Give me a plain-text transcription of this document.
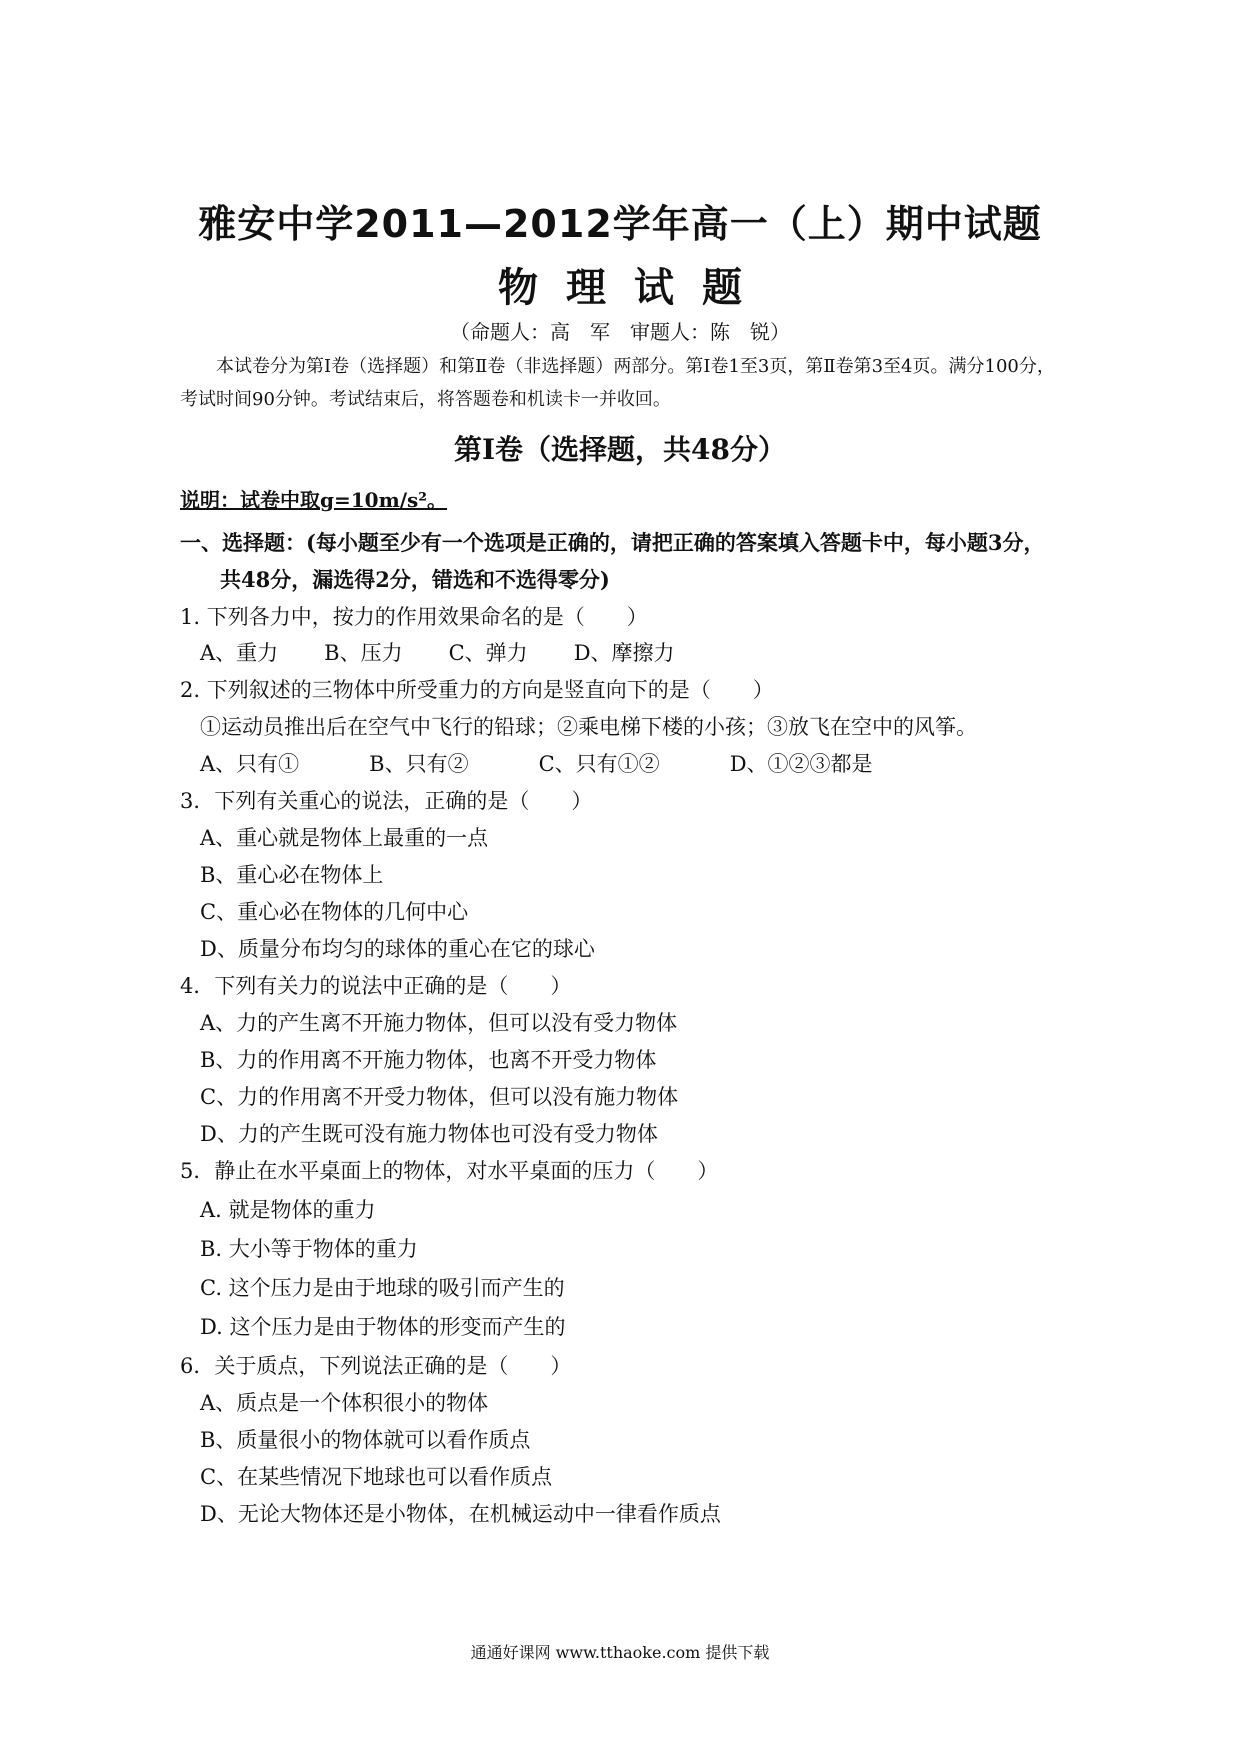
雅安中学2011—2012学年高一（上）期中试题
物理试题
（命题人：高　军　审题人：陈　锐）
本试卷分为第Ⅰ卷（选择题）和第Ⅱ卷（非选择题）两部分。第Ⅰ卷1至3页，第Ⅱ卷第3至4页。满分100分，考试时间90分钟。考试结束后，将答题卷和机读卡一并收回。
第Ⅰ卷（选择题，共48分）
说明：试卷中取g=10m/s²。
一、选择题：(每小题至少有一个选项是正确的，请把正确的答案填入答题卡中，每小题3分，
共48分，漏选得2分，错选和不选得零分)
1. 下列各力中，按力的作用效果命名的是（　　）
A、重力 B、压力 C、弹力 D、摩擦力
2. 下列叙述的三物体中所受重力的方向是竖直向下的是（　　）
①运动员推出后在空气中飞行的铅球；②乘电梯下楼的小孩；③放飞在空中的风筝。
A、只有①	B、只有②	C、只有①②	D、①②③都是
3．下列有关重心的说法，正确的是（　　）
A、重心就是物体上最重的一点
B、重心必在物体上
C、重心必在物体的几何中心
D、质量分布均匀的球体的重心在它的球心
4．下列有关力的说法中正确的是（　　）
A、力的产生离不开施力物体，但可以没有受力物体
B、力的作用离不开施力物体，也离不开受力物体
C、力的作用离不开受力物体，但可以没有施力物体
D、力的产生既可没有施力物体也可没有受力物体
5．静止在水平桌面上的物体，对水平桌面的压力（　　）
A. 就是物体的重力
B. 大小等于物体的重力
C. 这个压力是由于地球的吸引而产生的
D. 这个压力是由于物体的形变而产生的
6．关于质点，下列说法正确的是（　　）
A、质点是一个体积很小的物体
B、质量很小的物体就可以看作质点
C、在某些情况下地球也可以看作质点
D、无论大物体还是小物体，在机械运动中一律看作质点
通通好课网 www.tthaoke.com 提供下载
